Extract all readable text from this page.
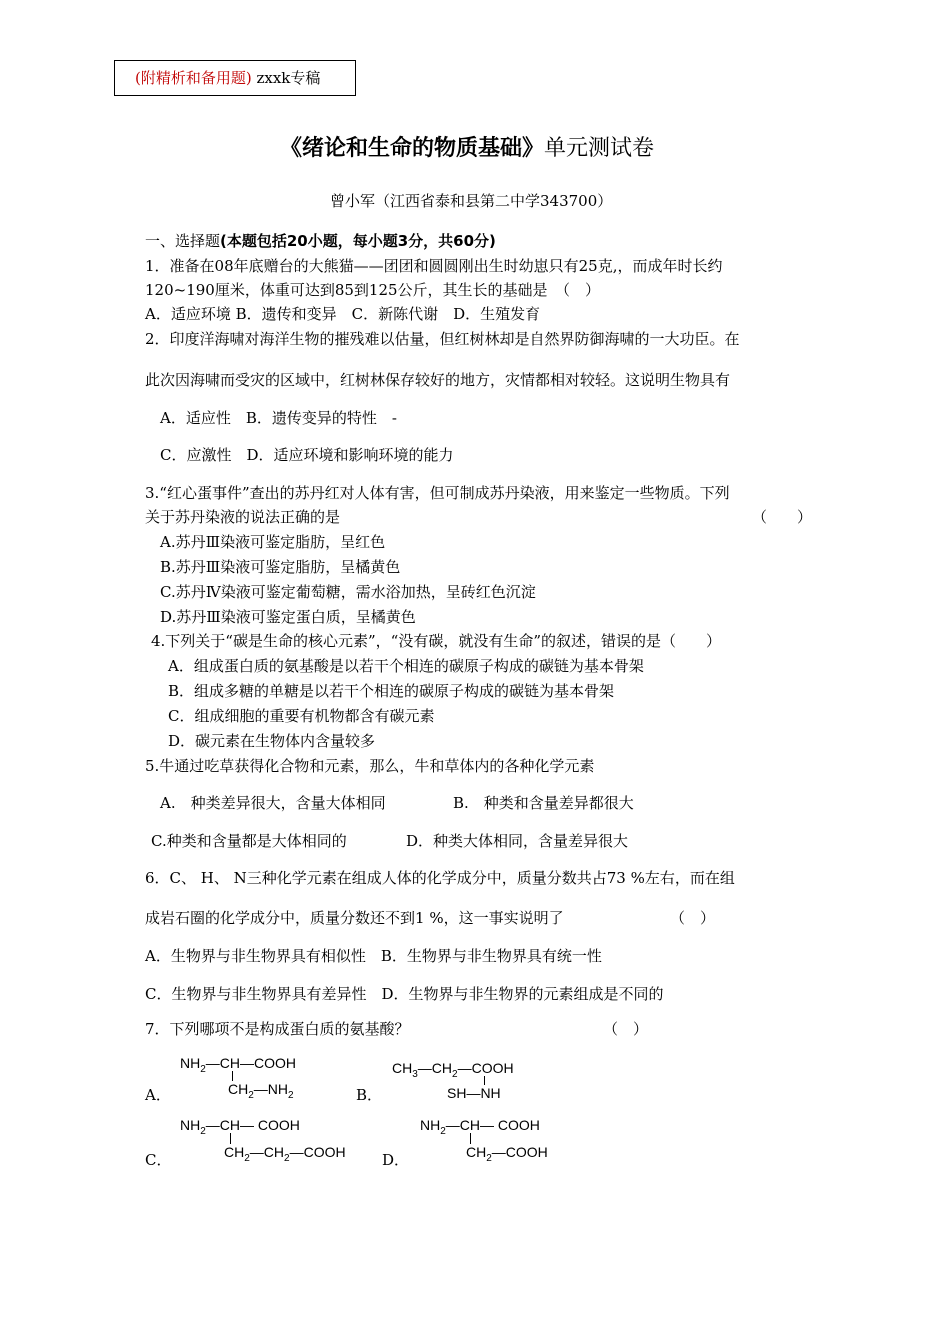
(附精析和备用题) zxxk专稿
《绪论和生命的物质基础》单元测试卷
曾小军（江西省泰和县第二中学343700）
一、选择题(本题包括20小题，每小题3分，共60分)
1．准备在08年底赠台的大熊猫——团团和圆圆刚出生时幼崽只有25克,，而成年时长约
120~190厘米，体重可达到85到125公斤，其生长的基础是　（　）
A．适应环境 B．遗传和变异　C．新陈代谢　D．生殖发育
2．印度洋海啸对海洋生物的摧残难以估量，但红树林却是自然界防御海啸的一大功臣。在
此次因海啸而受灾的区域中，红树林保存较好的地方，灾情都相对较轻。这说明生物具有
A．适应性　B．遗传变异的特性　-
C．应激性　D．适应环境和影响环境的能力
3.“红心蛋事件”查出的苏丹红对人体有害，但可制成苏丹染液，用来鉴定一些物质。下列
关于苏丹染液的说法正确的是	（　　）
A.苏丹Ⅲ染液可鉴定脂肪，呈红色
B.苏丹Ⅲ染液可鉴定脂肪，呈橘黄色
C.苏丹Ⅳ染液可鉴定葡萄糖，需水浴加热，呈砖红色沉淀
D.苏丹Ⅲ染液可鉴定蛋白质，呈橘黄色
4.下列关于“碳是生命的核心元素”，“没有碳，就没有生命”的叙述，错误的是（　　）
A．组成蛋白质的氨基酸是以若干个相连的碳原子构成的碳链为基本骨架
B．组成多糖的单糖是以若干个相连的碳原子构成的碳链为基本骨架
C．组成细胞的重要有机物都含有碳元素
D．碳元素在生物体内含量较多
5.牛通过吃草获得化合物和元素，那么，牛和草体内的各种化学元素
A.　种类差异很大，含量大体相同	B.　种类和含量差异都很大
C.种类和含量都是大体相同的	D．种类大体相同，含量差异很大
6．C、 H、 N三种化学元素在组成人体的化学成分中，质量分数共占73 %左右，而在组
成岩石圈的化学成分中，质量分数还不到1 %，这一事实说明了	（　）
A．生物界与非生物界具有相似性　B．生物界与非生物界具有统一性
C．生物界与非生物界具有差异性　D．生物界与非生物界的元素组成是不同的
7．下列哪项不是构成蛋白质的氨基酸？	（　）
A．
$NH_2—CH—COOH$
$CH_2—NH_2$	B．
$CH_3—CH_2—COOH$
SH—NH
C．
$NH_2—CH—$ COOH
$CH_2—CH_2—COOH$ D．
$NH_2—CH—$ COOH
$CH_2—COOH$
